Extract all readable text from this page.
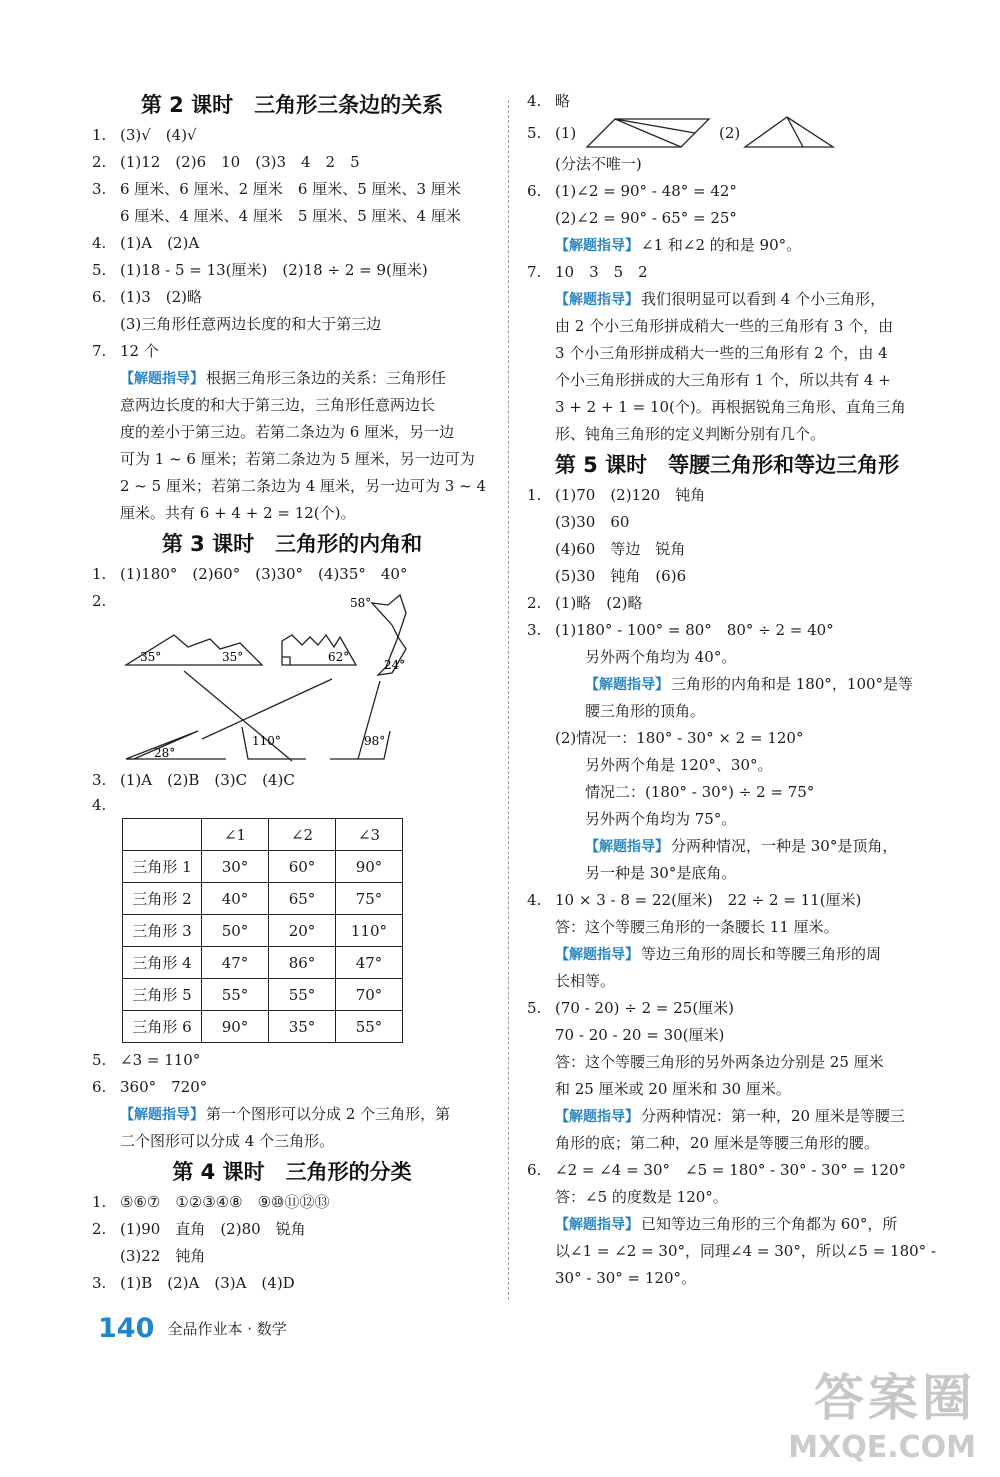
第 2 课时　三角形三条边的关系
1. (3)√　(4)√
2. (1)12　(2)6　10　(3)3　4　2　5
3. 6 厘米、6 厘米、2 厘米　6 厘米、5 厘米、3 厘米
6 厘米、4 厘米、4 厘米　5 厘米、5 厘米、4 厘米
4. (1)A　(2)A
5. (1)18 - 5 = 13(厘米)　(2)18 ÷ 2 = 9(厘米)
6. (1)3　(2)略
(3)三角形任意两边长度的和大于第三边
7. 12 个
【解题指导】 根据三角形三条边的关系：三角形任
意两边长度的和大于第三边，三角形任意两边长
度的差小于第三边。若第二条边为 6 厘米，另一边
可为 1 ~ 6 厘米；若第二条边为 5 厘米，另一边可为
2 ~ 5 厘米；若第二条边为 4 厘米，另一边可为 3 ~ 4
厘米。共有 6 + 4 + 2 = 12(个)。
第 3 课时　三角形的内角和
1. (1)180°　(2)60°　(3)30°　(4)35°　40°
2.
35°	35°	62°
58°
24°
28°
110°	98°
3. (1)A　(2)B　(3)C　(4)C
4.
	∠1	∠2	∠3
三角形 1	30°	60°	90°
三角形 2	40°	65°	75°
三角形 3	50°	20°	110°
三角形 4	47°	86°	47°
三角形 5	55°	55°	70°
三角形 6	90°	35°	55°
5. ∠3 = 110°
6. 360°　720°
【解题指导】 第一个图形可以分成 2 个三角形，第
二个图形可以分成 4 个三角形。
第 4 课时　三角形的分类
1. ⑤⑥⑦　①②③④⑧　⑨⑩⑪⑫⑬
2. (1)90　直角　(2)80　锐角
(3)22　钝角
3. (1)B　(2)A　(3)A　(4)D
4. 略
5. (1)	(2)
(分法不唯一)
6. (1)∠2 = 90° - 48° = 42°
(2)∠2 = 90° - 65° = 25°
【解题指导】 ∠1 和∠2 的和是 90°。
7. 10　3　5　2
【解题指导】 我们很明显可以看到 4 个小三角形，
由 2 个小三角形拼成稍大一些的三角形有 3 个，由
3 个小三角形拼成稍大一些的三角形有 2 个，由 4
个小三角形拼成的大三角形有 1 个，所以共有 4 +
3 + 2 + 1 = 10(个)。再根据锐角三角形、直角三角
形、钝角三角形的定义判断分别有几个。
第 5 课时　等腰三角形和等边三角形
1. (1)70　(2)120　钝角
(3)30　60
(4)60　等边　锐角
(5)30　钝角　(6)6
2. (1)略　(2)略
3. (1)180° - 100° = 80°　80° ÷ 2 = 40°
另外两个角均为 40°。
【解题指导】 三角形的内角和是 180°，100°是等
腰三角形的顶角。
(2)情况一：180° - 30° × 2 = 120°
另外两个角是 120°、30°。
情况二：(180° - 30°) ÷ 2 = 75°
另外两个角均为 75°。
【解题指导】 分两种情况，一种是 30°是顶角，
另一种是 30°是底角。
4. 10 × 3 - 8 = 22(厘米)　22 ÷ 2 = 11(厘米)
答：这个等腰三角形的一条腰长 11 厘米。
【解题指导】 等边三角形的周长和等腰三角形的周
长相等。
5. (70 - 20) ÷ 2 = 25(厘米)
70 - 20 - 20 = 30(厘米)
答：这个等腰三角形的另外两条边分别是 25 厘米
和 25 厘米或 20 厘米和 30 厘米。
【解题指导】 分两种情况：第一种，20 厘米是等腰三
角形的底；第二种，20 厘米是等腰三角形的腰。
6. ∠2 = ∠4 = 30°　∠5 = 180° - 30° - 30° = 120°
答：∠5 的度数是 120°。
【解题指导】 已知等边三角形的三个角都为 60°，所
以∠1 = ∠2 = 30°，同理∠4 = 30°，所以∠5 = 180° -
30° - 30° = 120°。
140 全品作业本 · 数学
答案圈
MXQE.COM
